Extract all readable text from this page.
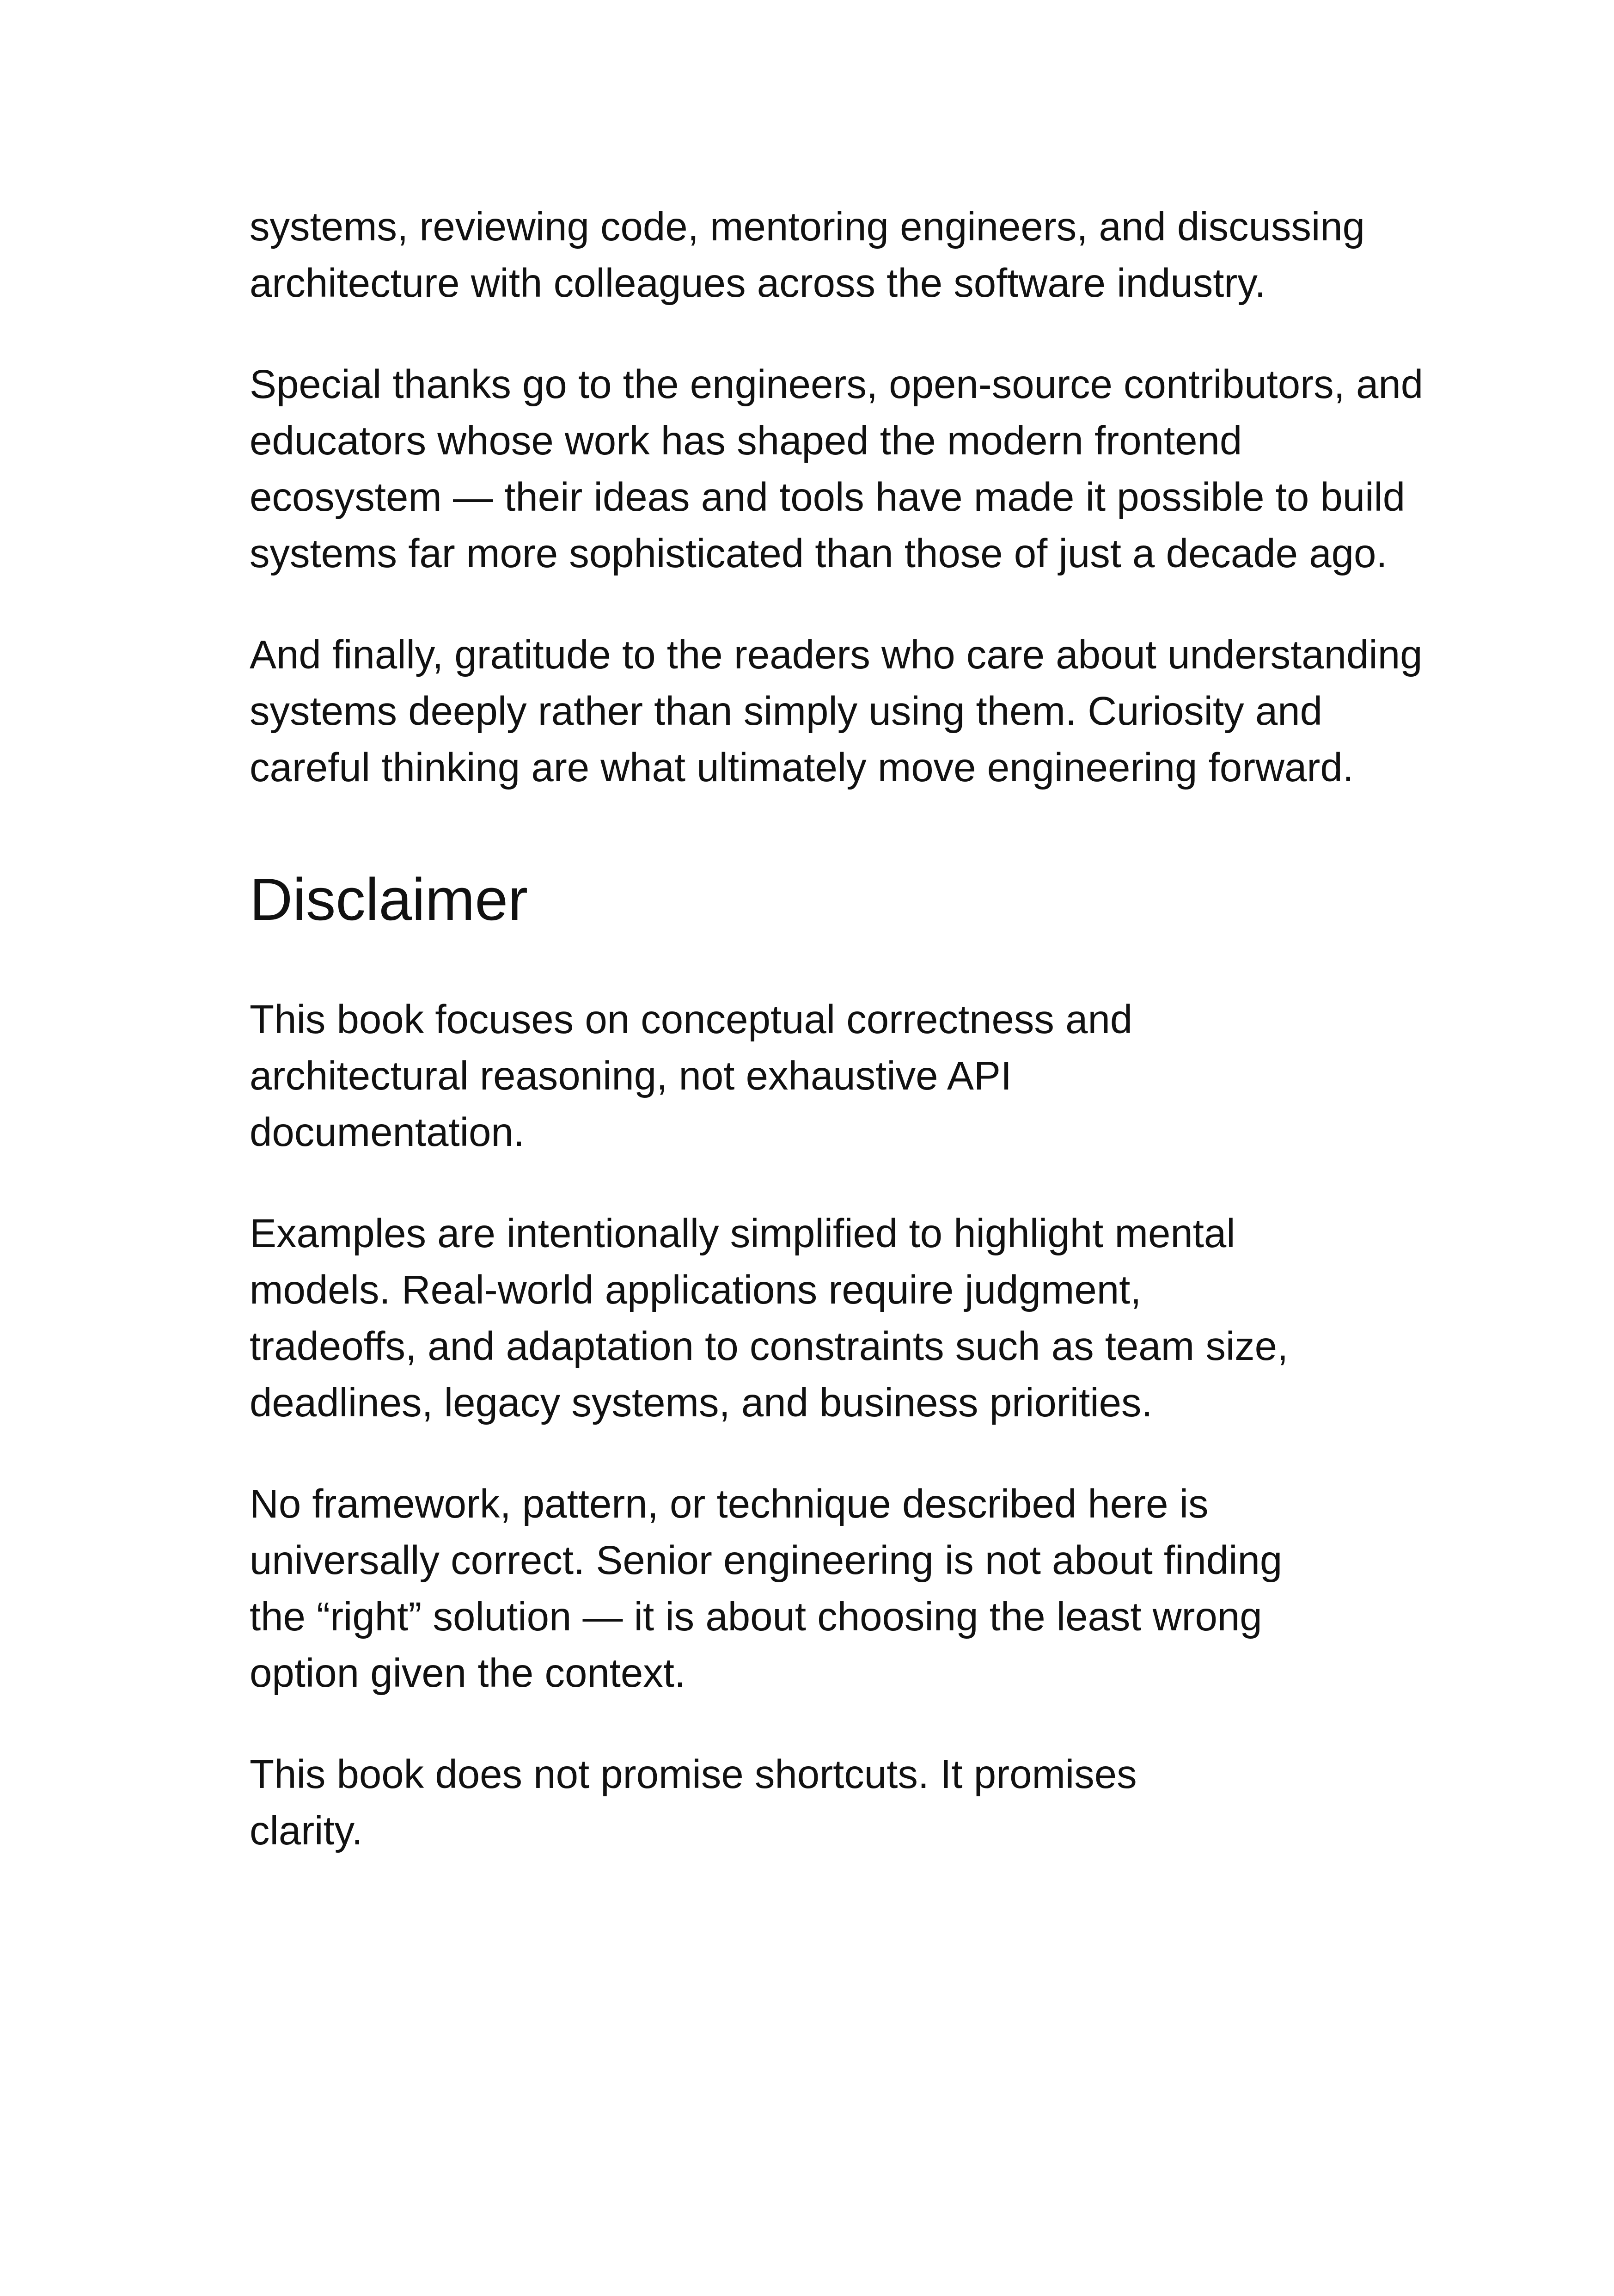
systems, reviewing code, mentoring engineers, and discussing architecture with colleagues across the software industry.

Special thanks go to the engineers, open-source contributors, and educators whose work has shaped the modern frontend ecosystem — their ideas and tools have made it possible to build systems far more sophisticated than those of just a decade ago.

And finally, gratitude to the readers who care about understanding systems deeply rather than simply using them. Curiosity and careful thinking are what ultimately move engineering forward.

Disclaimer

This book focuses on conceptual correctness and architectural reasoning, not exhaustive API documentation.

Examples are intentionally simplified to highlight mental models. Real-world applications require judgment, tradeoffs, and adaptation to constraints such as team size, deadlines, legacy systems, and business priorities.

No framework, pattern, or technique described here is universally correct. Senior engineering is not about finding the “right” solution — it is about choosing the least wrong option given the context.

This book does not promise shortcuts. It promises clarity.
